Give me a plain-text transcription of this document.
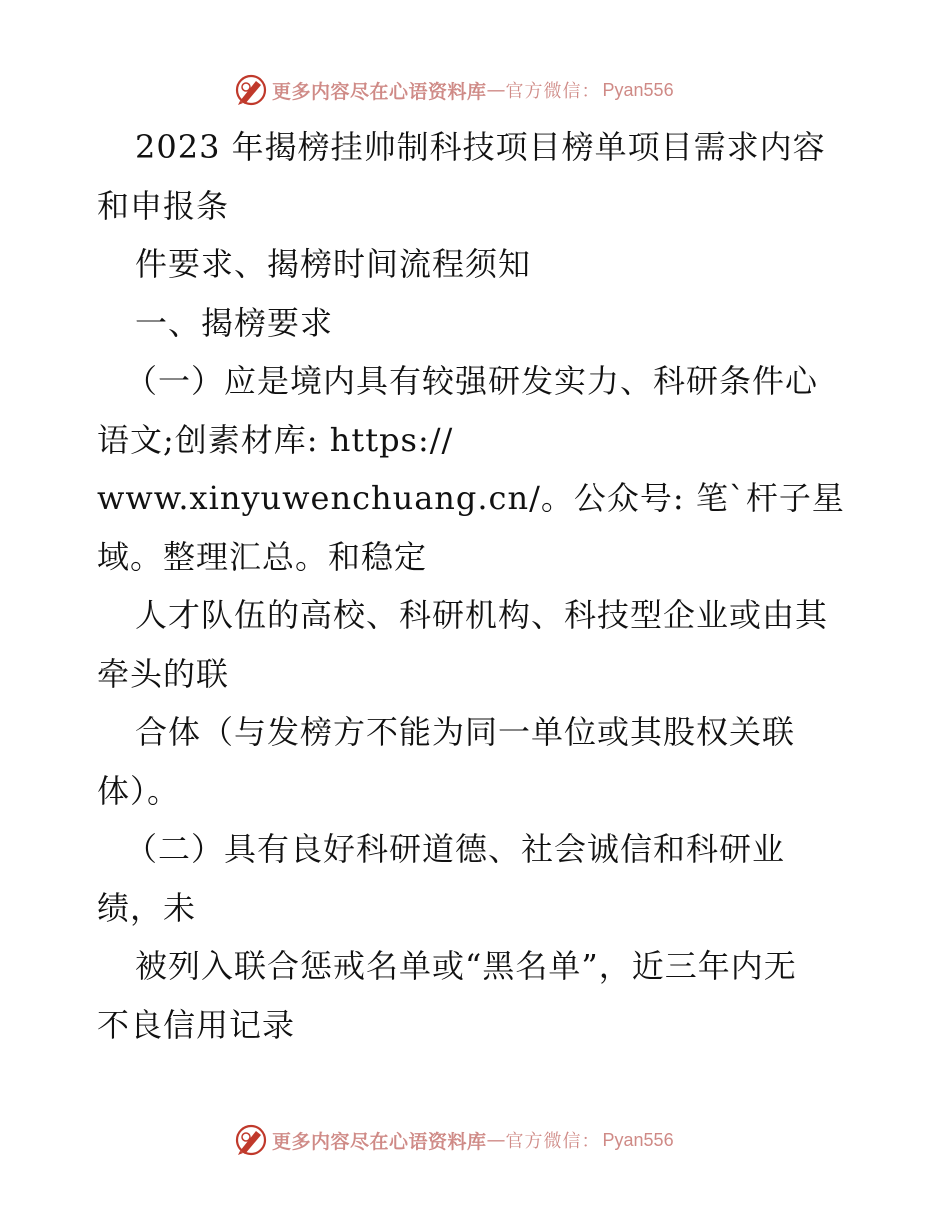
更多内容尽在心语资料库 — 官方微信： Pyan556
2023 年揭榜挂帅制科技项目榜单项目需求内容
和申报条
件要求、揭榜时间流程须知
一、揭榜要求
（一）应是境内具有较强研发实力、科研条件心
语文;创素材库: https://
www.xinyuwenchuang.cn/。公众号: 笔`杆子星
域。整理汇总。和稳定
人才队伍的高校、科研机构、科技型企业或由其
牵头的联
合体（与发榜方不能为同一单位或其股权关联
体）。
（二）具有良好科研道德、社会诚信和科研业
绩，未
被列入联合惩戒名单或“黑名单”，近三年内无
不良信用记录
更多内容尽在心语资料库 — 官方微信： Pyan556
